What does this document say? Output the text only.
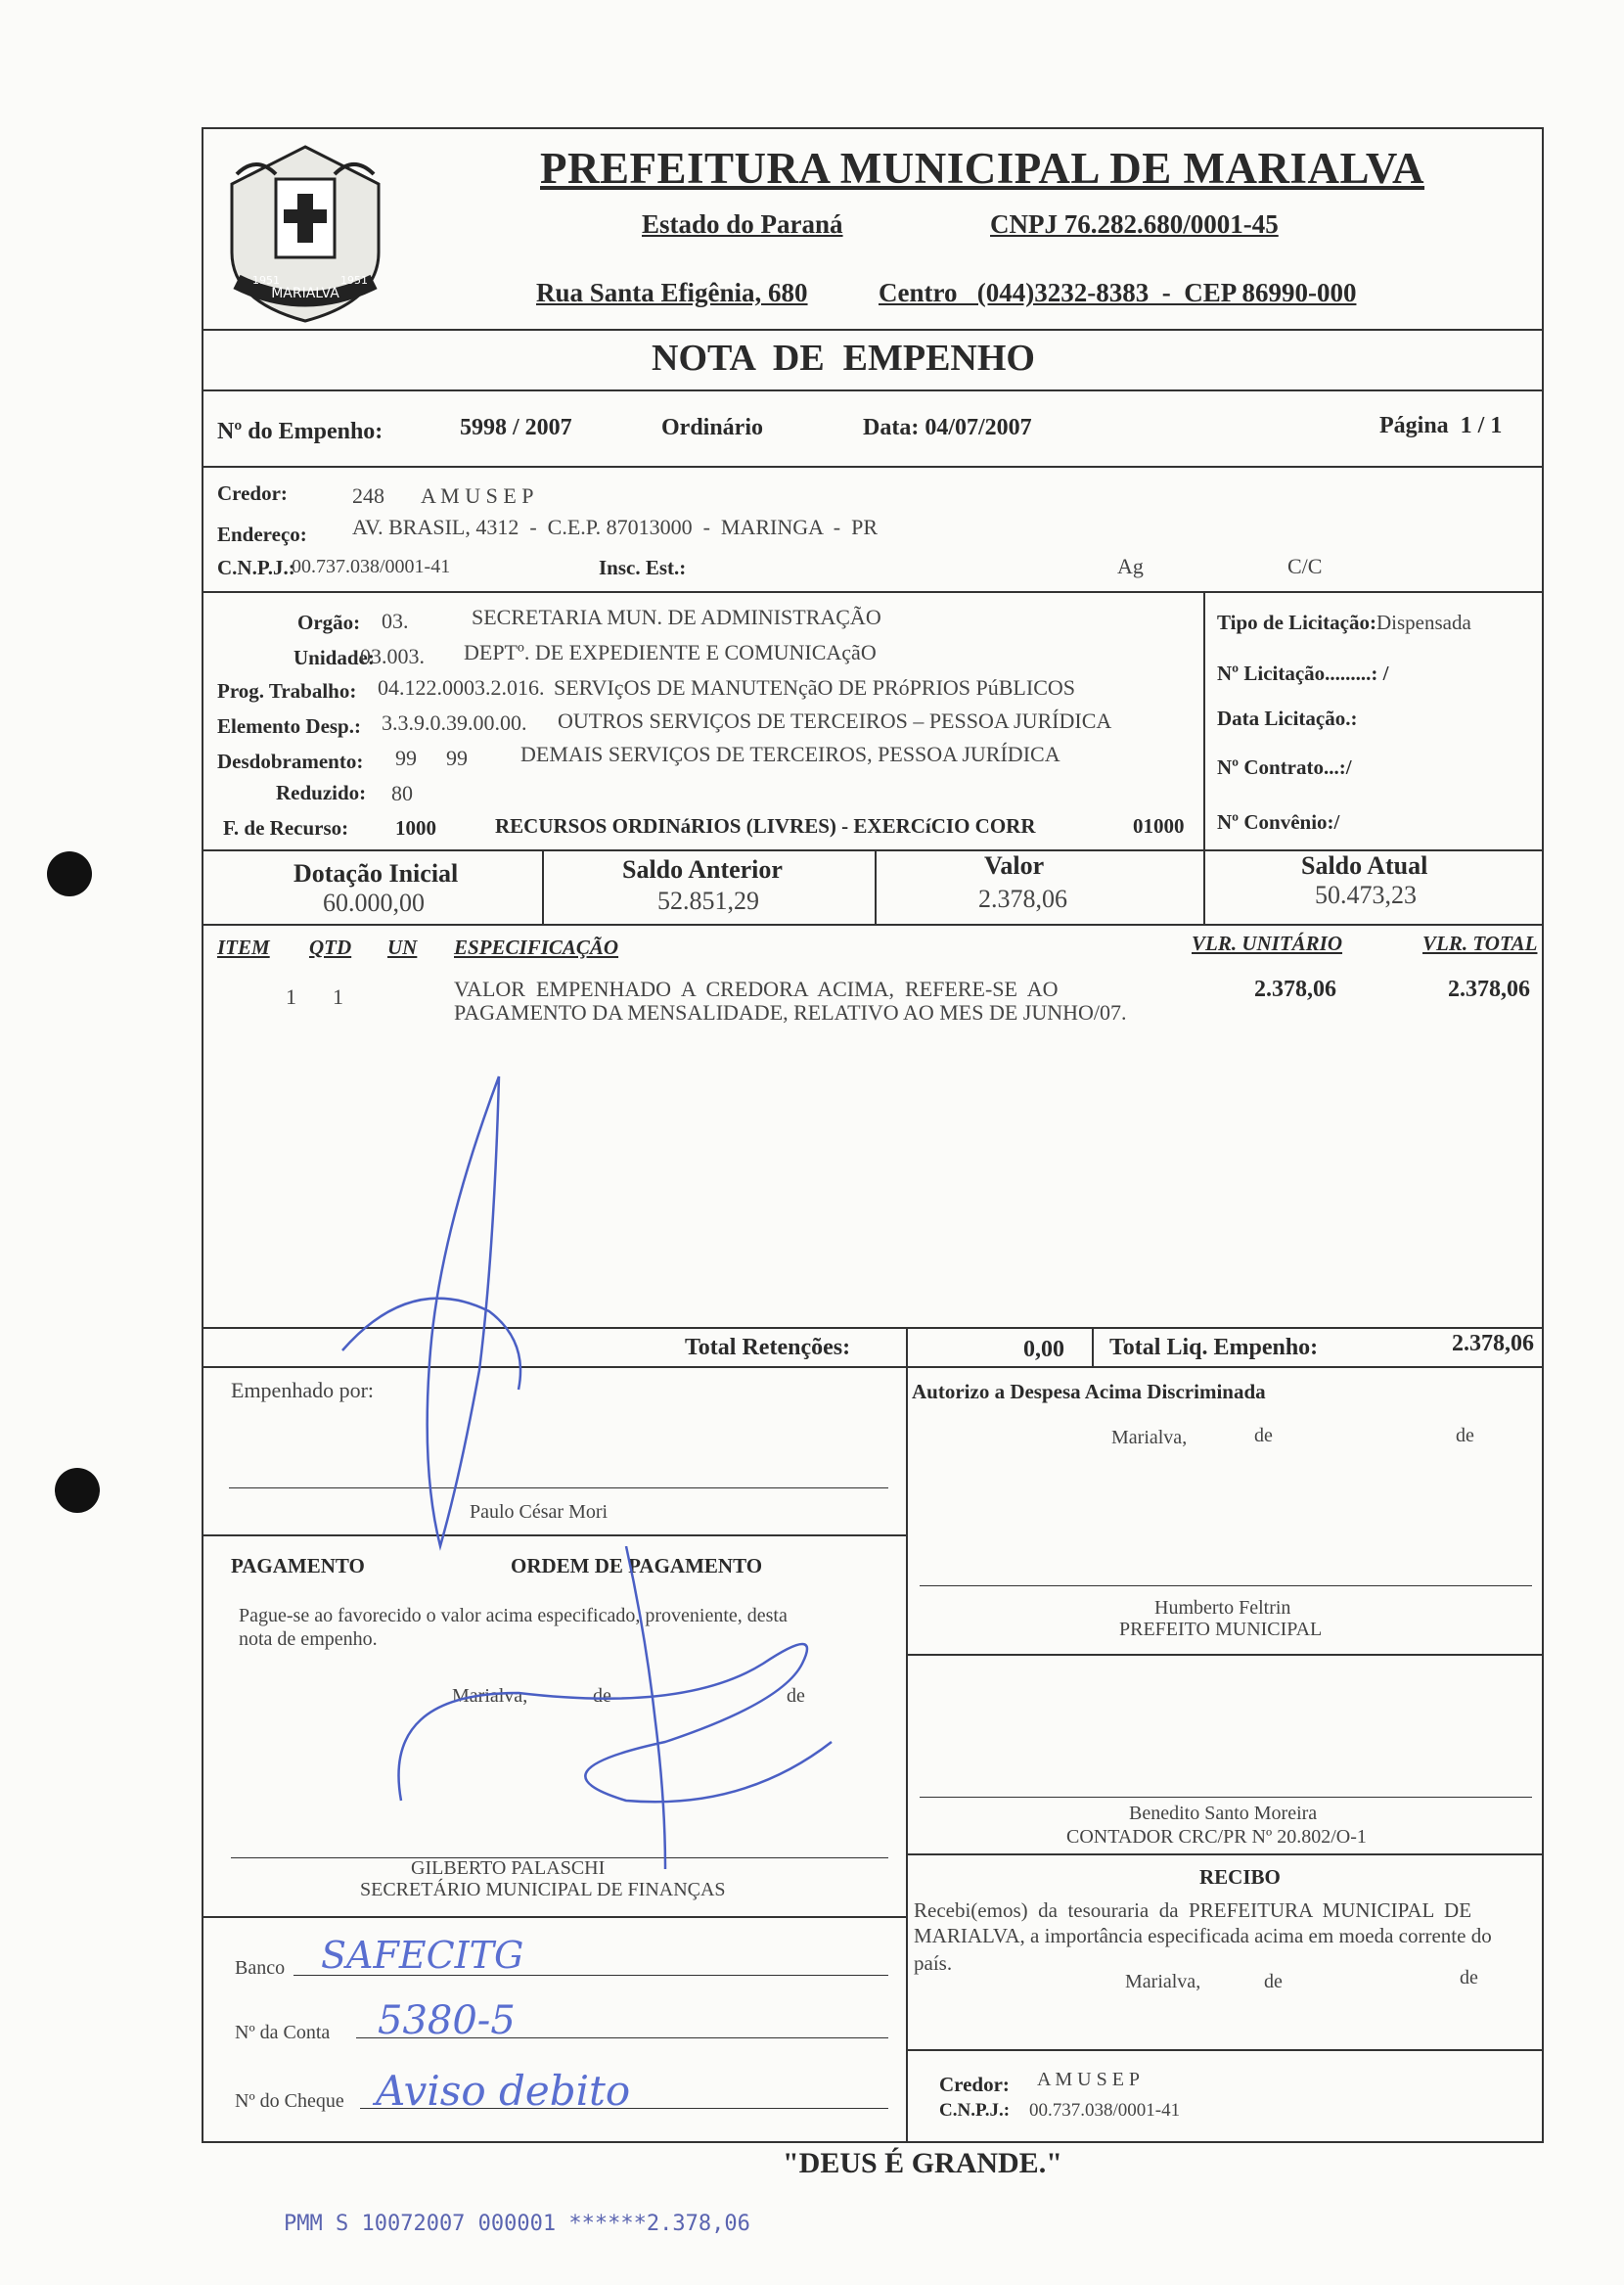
MARIALVA
1951	1951
PREFEITURA MUNICIPAL DE MARIALVA
Estado do Paraná	CNPJ 76.282.680/0001-45
Rua Santa Efigênia, 680	Centro   (044)3232-8383  -  CEP 86990-000
NOTA  DE  EMPENHO
Nº do Empenho:	5998 / 2007	Ordinário	Data: 04/07/2007	Página  1 / 1
Credor:	248 A M U S E P
Endereço: AV. BRASIL, 4312  -  C.E.P. 87013000  -  MARINGA  -  PR
C.N.P.J.:
00.737.038/0001-41	Insc. Est.:	Ag	C/C
Orgão: 03.	SECRETARIA MUN. DE ADMINISTRAÇÃO
Unidade:
03.003. DEPTº. DE EXPEDIENTE E COMUNICAçãO
Prog. Trabalho: 04.122.0003.2.016. SERVIçOS DE MANUTENçãO DE PRóPRIOS PúBLICOS
Elemento Desp.: 3.3.9.0.39.00.00. OUTROS SERVIÇOS DE TERCEIROS – PESSOA JURÍDICA
Desdobramento: 99 99 DEMAIS SERVIÇOS DE TERCEIROS, PESSOA JURÍDICA
Reduzido: 80
F. de Recurso: 1000	RECURSOS ORDINáRIOS (LIVRES) - EXERCíCIO CORR	01000
Tipo de Licitação:Dispensada
Nº Licitação.........: /
Data Licitação.:
Nº Contrato...:/
Nº Convênio:/
Dotação Inicial
60.000,00
Saldo Anterior
52.851,29
Valor
2.378,06
Saldo Atual
50.473,23
ITEM QTD UN ESPECIFICAÇÃO	VLR. UNITÁRIO	VLR. TOTAL
1 1	VALOR  EMPENHADO  A  CREDORA  ACIMA,  REFERE-SE  AO
PAGAMENTO DA MENSALIDADE, RELATIVO AO MES DE JUNHO/07.
2.378,06	2.378,06
Total Retenções:	0,00 Total Liq. Empenho:	2.378,06
Empenhado por:
Paulo César Mori
Autorizo a Despesa Acima Discriminada
Marialva,	de	de
Humberto Feltrin
PREFEITO MUNICIPAL
PAGAMENTO	ORDEM DE PAGAMENTO
Pague-se ao favorecido o valor acima especificado, proveniente, desta
nota de empenho.
Marialva,	de	de
GILBERTO PALASCHI
SECRETÁRIO MUNICIPAL DE FINANÇAS
Benedito Santo Moreira
CONTADOR CRC/PR Nº 20.802/O-1
RECIBO
Recebi(emos)  da  tesouraria  da  PREFEITURA  MUNICIPAL  DE
MARIALVA, a importância especificada acima em moeda corrente do
país.
Marialva,	de	de
Credor: A M U S E P
C.N.P.J.: 00.737.038/0001-41
Banco SAFECITG
Nº da Conta 5380-5
Nº do Cheque Aviso debito
"DEUS É GRANDE."
PMM S 10072007 000001 ******2.378,06
